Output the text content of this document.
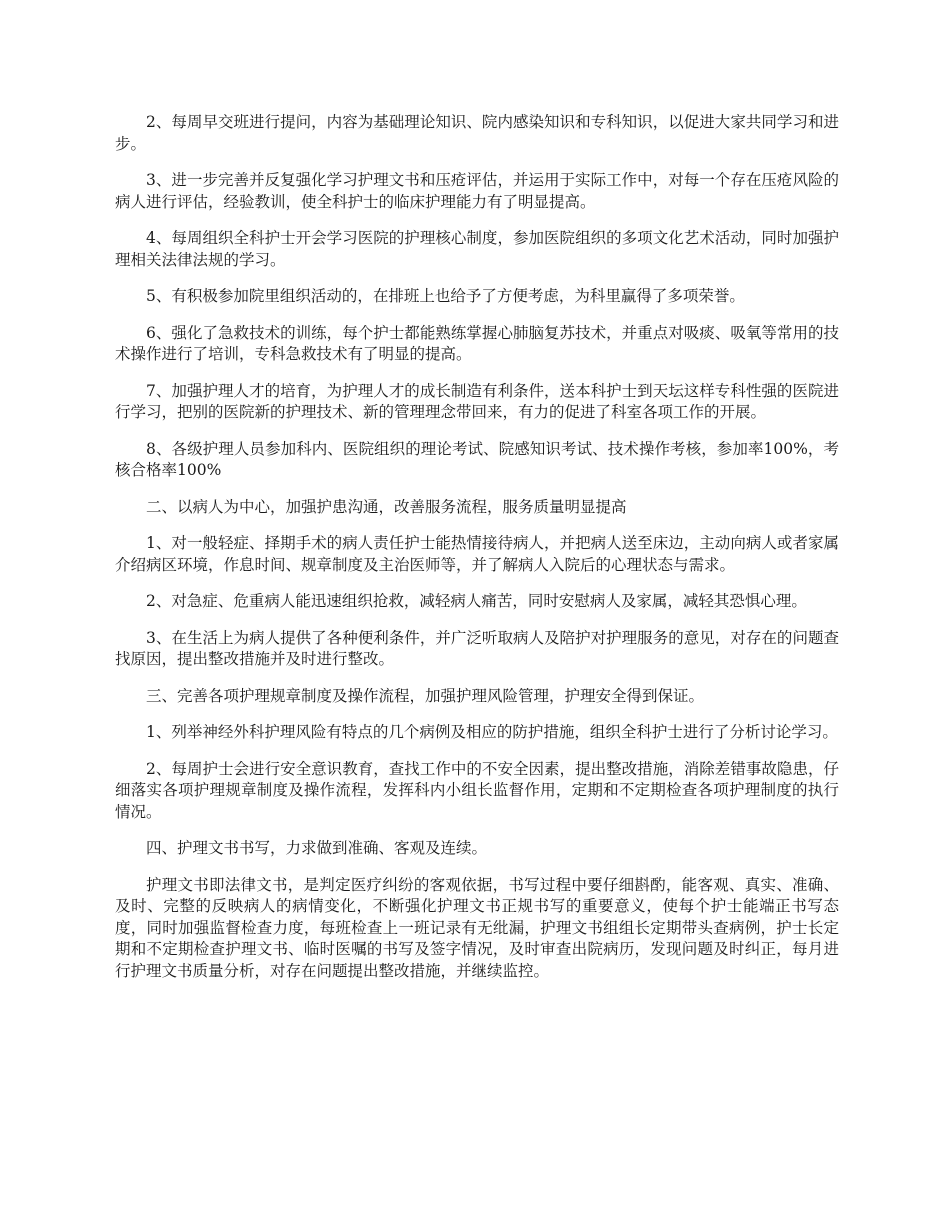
2、每周早交班进行提问，内容为基础理论知识、院内感染知识和专科知识，以促进大家共同学习和进步。

3、进一步完善并反复强化学习护理文书和压疮评估，并运用于实际工作中，对每一个存在压疮风险的病人进行评估，经验教训，使全科护士的临床护理能力有了明显提高。

4、每周组织全科护士开会学习医院的护理核心制度，参加医院组织的多项文化艺术活动，同时加强护理相关法律法规的学习。

5、有积极参加院里组织活动的，在排班上也给予了方便考虑，为科里赢得了多项荣誉。

6、强化了急救技术的训练，每个护士都能熟练掌握心肺脑复苏技术，并重点对吸痰、吸氧等常用的技术操作进行了培训，专科急救技术有了明显的提高。

7、加强护理人才的培育，为护理人才的成长制造有利条件，送本科护士到天坛这样专科性强的医院进行学习，把别的医院新的护理技术、新的管理理念带回来，有力的促进了科室各项工作的开展。

8、各级护理人员参加科内、医院组织的理论考试、院感知识考试、技术操作考核，参加率100%，考核合格率100%

二、以病人为中心，加强护患沟通，改善服务流程，服务质量明显提高

1、对一般轻症、择期手术的病人责任护士能热情接待病人，并把病人送至床边，主动向病人或者家属介绍病区环境，作息时间、规章制度及主治医师等，并了解病人入院后的心理状态与需求。

2、对急症、危重病人能迅速组织抢救，减轻病人痛苦，同时安慰病人及家属，减轻其恐惧心理。

3、在生活上为病人提供了各种便利条件，并广泛听取病人及陪护对护理服务的意见，对存在的问题查找原因，提出整改措施并及时进行整改。

三、完善各项护理规章制度及操作流程，加强护理风险管理，护理安全得到保证。

1、列举神经外科护理风险有特点的几个病例及相应的防护措施，组织全科护士进行了分析讨论学习。

2、每周护士会进行安全意识教育，查找工作中的不安全因素，提出整改措施，消除差错事故隐患，仔细落实各项护理规章制度及操作流程，发挥科内小组长监督作用，定期和不定期检查各项护理制度的执行情况。

四、护理文书书写，力求做到准确、客观及连续。

护理文书即法律文书，是判定医疗纠纷的客观依据，书写过程中要仔细斟酌，能客观、真实、准确、及时、完整的反映病人的病情变化，不断强化护理文书正规书写的重要意义，使每个护士能端正书写态度，同时加强监督检查力度，每班检查上一班记录有无纰漏，护理文书组组长定期带头查病例，护士长定期和不定期检查护理文书、临时医嘱的书写及签字情况，及时审查出院病历，发现问题及时纠正，每月进行护理文书质量分析，对存在问题提出整改措施，并继续监控。
